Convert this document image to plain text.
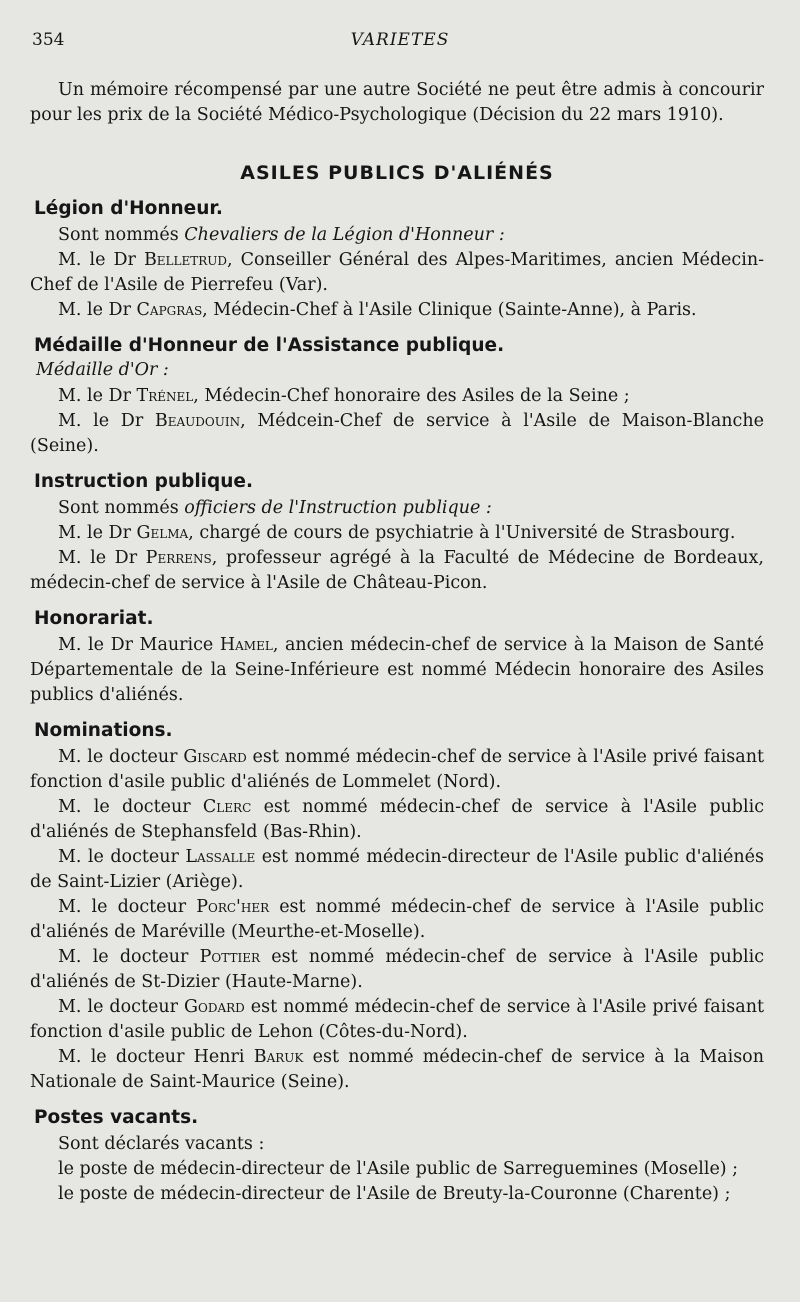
354	VARIETES

Un mémoire récompensé par une autre Société ne peut être admis à concourir pour les prix de la Société Médico-Psychologique (Décision du 22 mars 1910).

ASILES PUBLICS D'ALIÉNÉS
Légion d'Honneur.

Sont nommés Chevaliers de la Légion d'Honneur :

M. le Dr Belletrud, Conseiller Général des Alpes-Maritimes, ancien Médecin-Chef de l'Asile de Pierrefeu (Var).

M. le Dr Capgras, Médecin-Chef à l'Asile Clinique (Sainte-Anne), à Paris.

Médaille d'Honneur de l'Assistance publique.
Médaille d'Or :

M. le Dr Trénel, Médecin-Chef honoraire des Asiles de la Seine ;

M. le Dr Beaudouin, Médcein-Chef de service à l'Asile de Maison-Blanche (Seine).

Instruction publique.

Sont nommés officiers de l'Instruction publique :

M. le Dr Gelma, chargé de cours de psychiatrie à l'Université de Strasbourg.

M. le Dr Perrens, professeur agrégé à la Faculté de Médecine de Bordeaux, médecin-chef de service à l'Asile de Château-Picon.

Honorariat.

M. le Dr Maurice Hamel, ancien médecin-chef de service à la Maison de Santé Départementale de la Seine-Inférieure est nommé Médecin honoraire des Asiles publics d'aliénés.

Nominations.

M. le docteur Giscard est nommé médecin-chef de service à l'Asile privé faisant fonction d'asile public d'aliénés de Lommelet (Nord).

M. le docteur Clerc est nommé médecin-chef de service à l'Asile public d'aliénés de Stephansfeld (Bas-Rhin).

M. le docteur Lassalle est nommé médecin-directeur de l'Asile public d'aliénés de Saint-Lizier (Ariège).

M. le docteur Porc'her est nommé médecin-chef de service à l'Asile public d'aliénés de Maréville (Meurthe-et-Moselle).

M. le docteur Pottier est nommé médecin-chef de service à l'Asile public d'aliénés de St-Dizier (Haute-Marne).

M. le docteur Godard est nommé médecin-chef de service à l'Asile privé faisant fonction d'asile public de Lehon (Côtes-du-Nord).

M. le docteur Henri Baruk est nommé médecin-chef de service à la Maison Nationale de Saint-Maurice (Seine).

Postes vacants.

Sont déclarés vacants :

le poste de médecin-directeur de l'Asile public de Sarreguemines (Moselle) ;

le poste de médecin-directeur de l'Asile de Breuty-la-Couronne (Charente) ;
